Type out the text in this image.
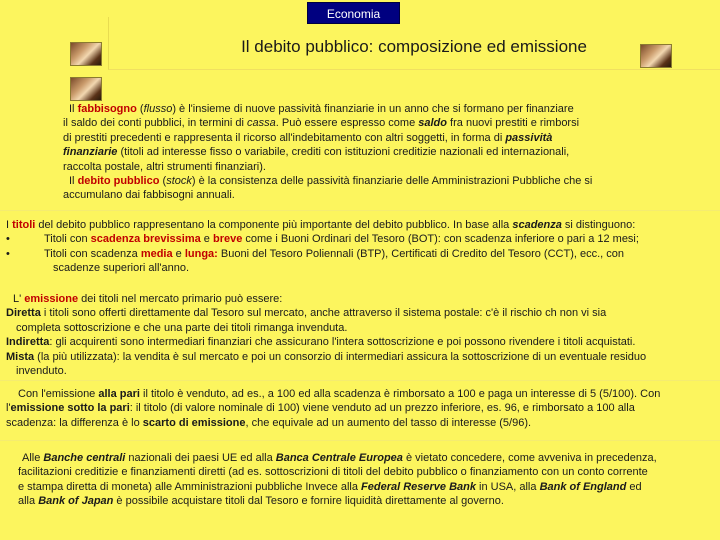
Economia
Il debito pubblico: composizione ed emissione
Il fabbisogno (flusso) è l'insieme di nuove passività finanziarie in un anno che si formano per finanziare
il saldo dei conti pubblici, in termini di cassa. Può essere espresso come saldo fra nuovi prestiti e rimborsi
di prestiti precedenti e rappresenta il ricorso all'indebitamento con altri soggetti, in forma di passività
finanziarie (titoli ad interesse fisso o variabile, crediti con istituzioni creditizie nazionali ed internazionali,
raccolta postale, altri strumenti finanziari).
Il debito pubblico (stock) è la consistenza delle passività finanziarie delle Amministrazioni Pubbliche che si
accumulano dai fabbisogni annuali.
I titoli del debito pubblico rappresentano la componente più importante del debito pubblico. In base alla scadenza si distinguono:
•	Titoli con scadenza brevissima e breve come i Buoni Ordinari del Tesoro (BOT): con scadenza inferiore o pari a 12 mesi;
•	Titoli con scadenza media e lunga: Buoni del Tesoro Poliennali (BTP), Certificati di Credito del Tesoro (CCT), ecc., con
scadenze superiori all'anno.
L' emissione dei titoli nel mercato primario può essere:
Diretta i titoli sono offerti direttamente dal Tesoro sul mercato, anche attraverso il sistema postale: c'è il rischio ch non vi sia
completa sottoscrizione e che una parte dei titoli rimanga invenduta.
Indiretta: gli acquirenti sono intermediari finanziari che assicurano l'intera sottoscrizione e poi possono rivendere i titoli acquistati.
Mista (la più utilizzata): la vendita è sul mercato e poi un consorzio di intermediari assicura la sottoscrizione di un eventuale residuo
invenduto.
Con l'emissione alla pari il titolo è venduto, ad es., a 100 ed alla scadenza è rimborsato a 100 e paga un interesse di 5 (5/100). Con
l'emissione sotto la pari: il titolo (di valore nominale di 100) viene venduto ad un prezzo inferiore, es. 96, e rimborsato a 100 alla
scadenza: la differenza è lo scarto di emissione, che equivale ad un aumento del tasso di interesse (5/96).
Alle Banche centrali nazionali dei paesi UE ed alla Banca Centrale Europea è vietato concedere, come avveniva in precedenza,
facilitazioni creditizie e finanziamenti diretti (ad es. sottoscrizioni di titoli del debito pubblico o finanziamento con un conto corrente
e stampa diretta di moneta) alle Amministrazioni pubbliche Invece alla Federal Reserve Bank in USA, alla Bank of England ed
alla Bank of Japan è possibile acquistare titoli dal Tesoro e fornire liquidità direttamente al governo.
